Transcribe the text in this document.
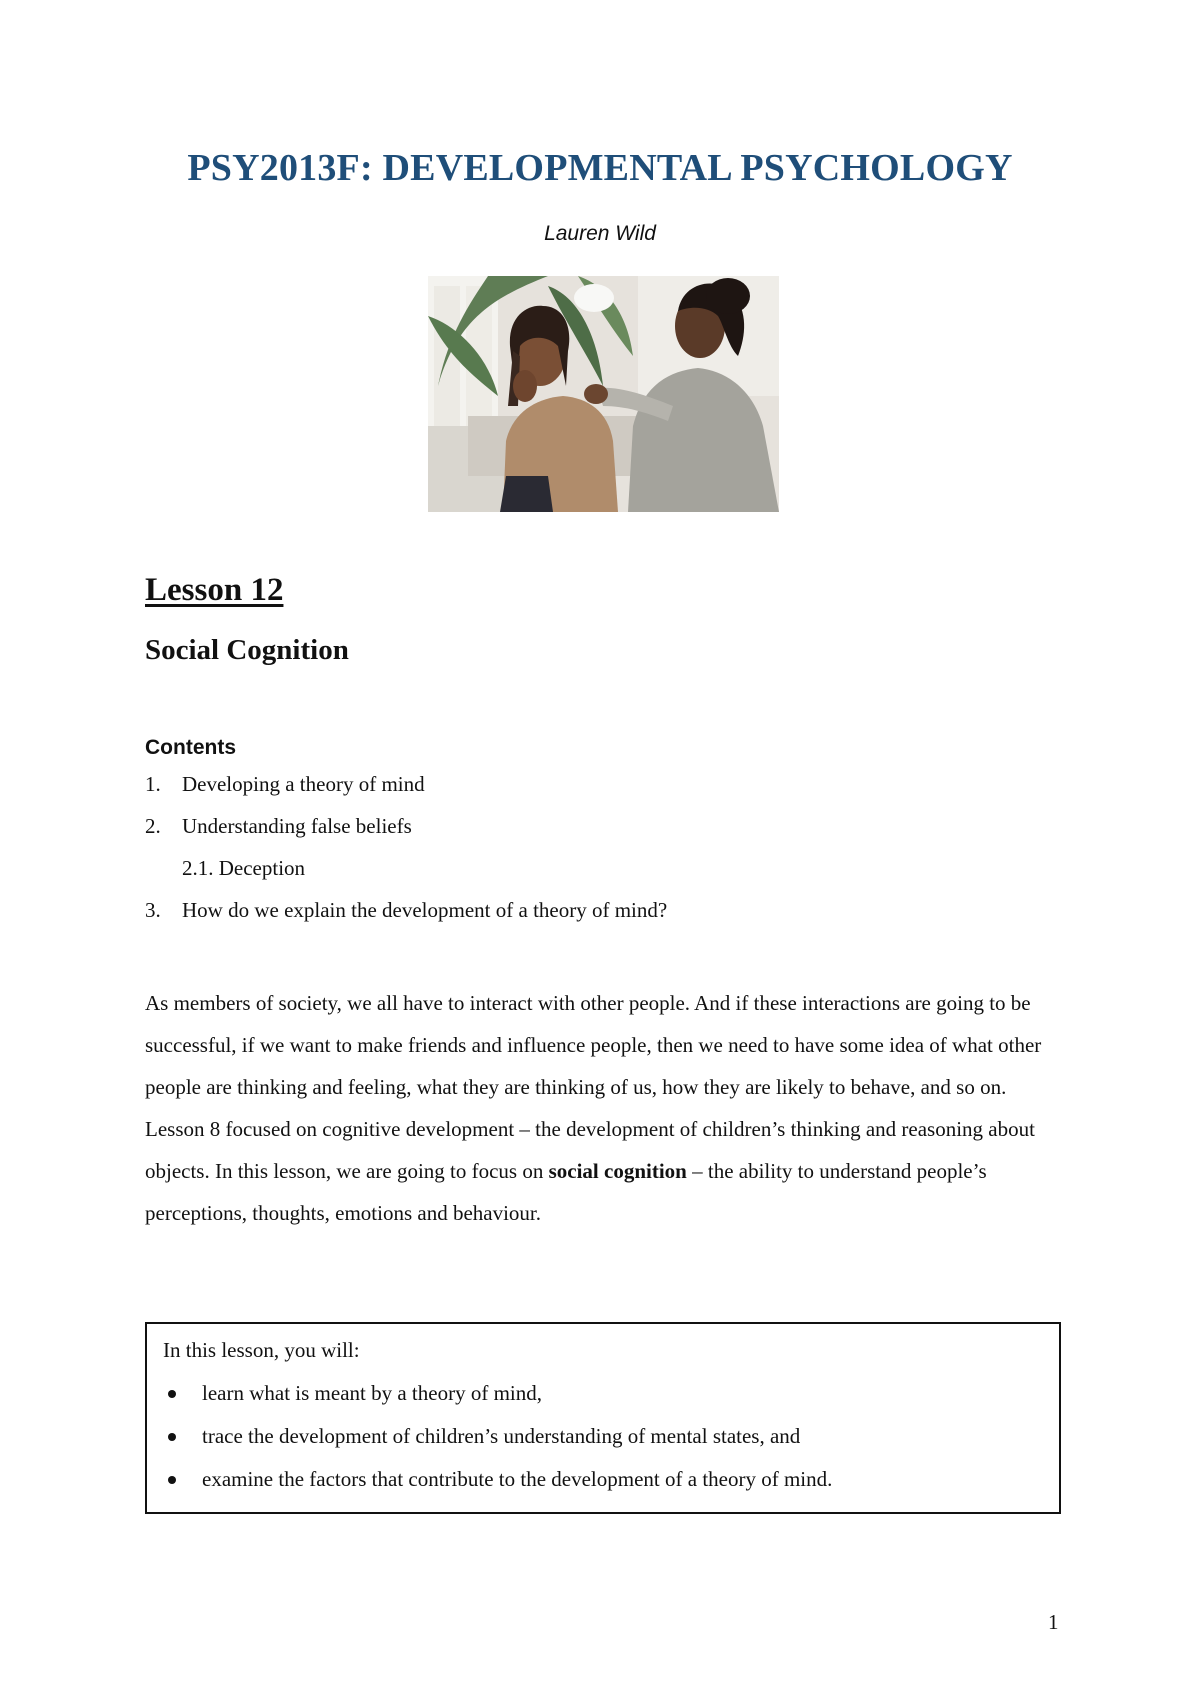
PSY2013F: DEVELOPMENTAL PSYCHOLOGY
Lauren Wild
Lesson 12
Social Cognition
Contents
1. Developing a theory of mind
2. Understanding false beliefs
2.1. Deception
3. How do we explain the development of a theory of mind?

As members of society, we all have to interact with other people. And if these interactions are going to be successful, if we want to make friends and influence people, then we need to have some idea of what other people are thinking and feeling, what they are thinking of us, how they are likely to behave, and so on. Lesson 8 focused on cognitive development – the development of children’s thinking and reasoning about objects. In this lesson, we are going to focus on social cognition – the ability to understand people’s perceptions, thoughts, emotions and behaviour.

In this lesson, you will:
learn what is meant by a theory of mind,
trace the development of children’s understanding of mental states, and
examine the factors that contribute to the development of a theory of mind.
1
